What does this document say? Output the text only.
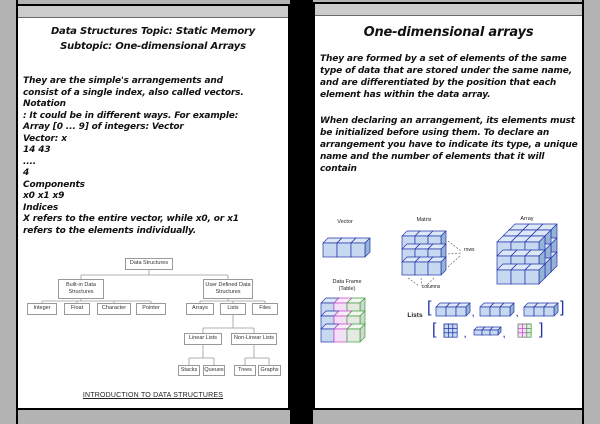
Data Structures Topic: Static Memory
Subtopic: One-dimensional Arrays
They are the simple's arrangements and
consist of a single index, also called vectors.
Notation
: It could be in different ways. For example:
Array [0 ... 9] of integers: Vector
Vector: x
14 43
....
4
Components
x0 x1 x9
Indices
X refers to the entire vector, while x0, or x1
refers to the elements individually.
Data Structures
Built-in Data Structures
User Defined Data Structures
Integer	Float	Character	Pointer	Arrays	Lists	Files
Linear Lists	Non-Linear Lists
Stacks	Queues	Trees	Graphs
INTRODUCTION TO DATA STRUCTURES
One-dimensional arrays
They are formed by a set of elements of the same type of data that are stored under the same name, and are differentiated by the position that each element has within the data array.
When declaring an arrangement, its elements must be initialized before using them. To declare an arrangement you have to indicate its type, a unique name and the number of elements that it will contain
Vector	Matrix
rows
columns
Array
Data Frame
(Table)
Lists [	,	,	]
[	,	, ]
